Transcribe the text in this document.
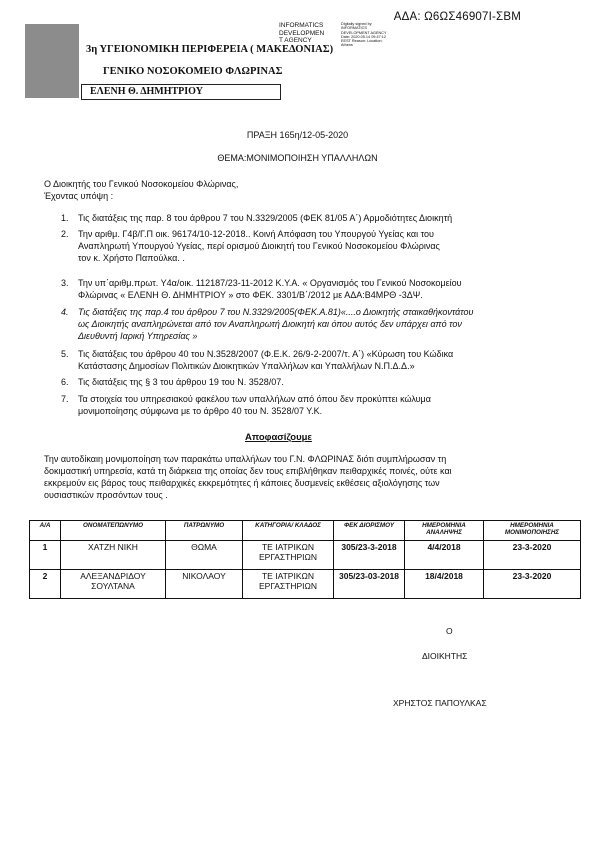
ΑΔΑ: Ω6ΩΣ46907Ι-ΣΒΜ
INFORMATICS
DEVELOPMEN
T AGENCY
Digitally signed by INFORMATICS DEVELOPMENT AGENCY Date: 2020.05.14 09:47:12 EEST Reason: Location: Athens
3η ΥΓΕΙΟΝΟΜΙΚΗ ΠΕΡΙΦΕΡΕΙΑ ( ΜΑΚΕΔΟΝΙΑΣ)
ΓΕΝΙΚΟ ΝΟΣΟΚΟΜΕΙΟ ΦΛΩΡΙΝΑΣ
ΕΛΕΝΗ Θ. ΔΗΜΗΤΡΙΟΥ
ΠΡΑΞΗ 165η/12-05-2020
ΘΕΜΑ:ΜΟΝΙΜΟΠΟΙΗΣΗ ΥΠΑΛΛΗΛΩΝ
Ο Διοικητής του Γενικού Νοσοκομείου Φλώρινας,
Έχοντας υπόψη :
1. Τις διατάξεις της παρ. 8 του άρθρου 7 του Ν.3329/2005 (ΦΕΚ 81/05 Α΄) Αρμοδιότητες Διοικητή
2. Την αριθμ. Γ4β/Γ.Π οικ. 96174/10-12-2018.. Κοινή Απόφαση του Υπουργού Υγείας και του
Αναπληρωτή Υπουργού Υγείας, περί ορισμού Διοικητή του Γενικού Νοσοκομείου Φλώρινας
τον κ. Χρήστο Παπούλκα. .
3. Την υπ΄αριθμ.πρωτ. Υ4α/οικ. 112187/23-11-2012 Κ.Υ.Α. « Οργανισμός του Γενικού Νοσοκομείου
Φλώρινας « ΕΛΕΝΗ Θ. ΔΗΜΗΤΡΙΟΥ » στο ΦΕΚ. 3301/Β΄/2012 με ΑΔΑ:Β4ΜΡΘ -3ΔΨ.
4. Τις διατάξεις της παρ.4 του άρθρου 7 του Ν.3329/2005(ΦΕΚ.Α.81)«....ο Διοικητής σταικαθήκοντάτου
ως Διοικητής αναπληρώνεται από τον Αναπληρωτή Διοικητή και όπου αυτός δεν υπάρχει από τον
Διευθυντή Ιαρική Υπηρεσίας »
5. Τις διατάξεις του άρθρου 40 του Ν.3528/2007 (Φ.Ε.Κ. 26/9-2-2007/τ. Α΄) «Κύρωση του Κώδικα
Κατάστασης Δημοσίων Πολιτικών Διοικητικών Υπαλλήλων και Υπαλλήλων Ν.Π.Δ.Δ.»
6. Τις διατάξεις της § 3 του άρθρου 19 του Ν. 3528/07.
7. Τα στοιχεία του υπηρεσιακού φακέλου των υπαλλήλων από όπου δεν προκύπτει κώλυμα
μονιμοποίησης σύμφωνα με το άρθρο 40 του Ν. 3528/07 Υ.Κ.
Αποφασίζουμε
Την αυτοδίκαιη μονιμοποίηση των παρακάτω υπαλλήλων του Γ.Ν. ΦΛΩΡΙΝΑΣ διότι συμπλήρωσαν τη
δοκιμαστική υπηρεσία, κατά τη διάρκεια της οποίας δεν τους επιβλήθηκαν πειθαρχικές ποινές, ούτε και
εκκρεμούν εις βάρος τους πειθαρχικές εκκρεμότητες ή κάποιες δυσμενείς εκθέσεις αξιολόγησης των
ουσιαστικών προσόντων τους .
Α/Α	ΟΝΟΜΑΤΕΠΩΝΥΜΟ	ΠΑΤΡΩΝΥΜΟ	ΚΑΤΗΓΟΡΙΑ/ ΚΛΑΔΟΣ	ΦΕΚ ΔΙΟΡΙΣΜΟΥ	ΗΜΕΡΟΜΗΝΙΑ ΑΝΑΛΗΨΗΣ	ΗΜΕΡΟΜΗΝΙΑ ΜΟΝΙΜΟΠΟΙΗΣΗΣ
1	ΧΑΤΖΗ ΝΙΚΗ	ΘΩΜΑ	ΤΕ ΙΑΤΡΙΚΩΝ ΕΡΓΑΣΤΗΡΙΩΝ	305/23-3-2018	4/4/2018	23-3-2020
2	ΑΛΕΞΑΝΔΡΙΔΟΥ ΣΟΥΛΤΑΝΑ	ΝΙΚΟΛΑΟΥ	ΤΕ ΙΑΤΡΙΚΩΝ ΕΡΓΑΣΤΗΡΙΩΝ	305/23-03-2018	18/4/2018	23-3-2020
Ο
ΔΙΟΙΚΗΤΗΣ
ΧΡΗΣΤΟΣ ΠΑΠΟΥΛΚΑΣ
